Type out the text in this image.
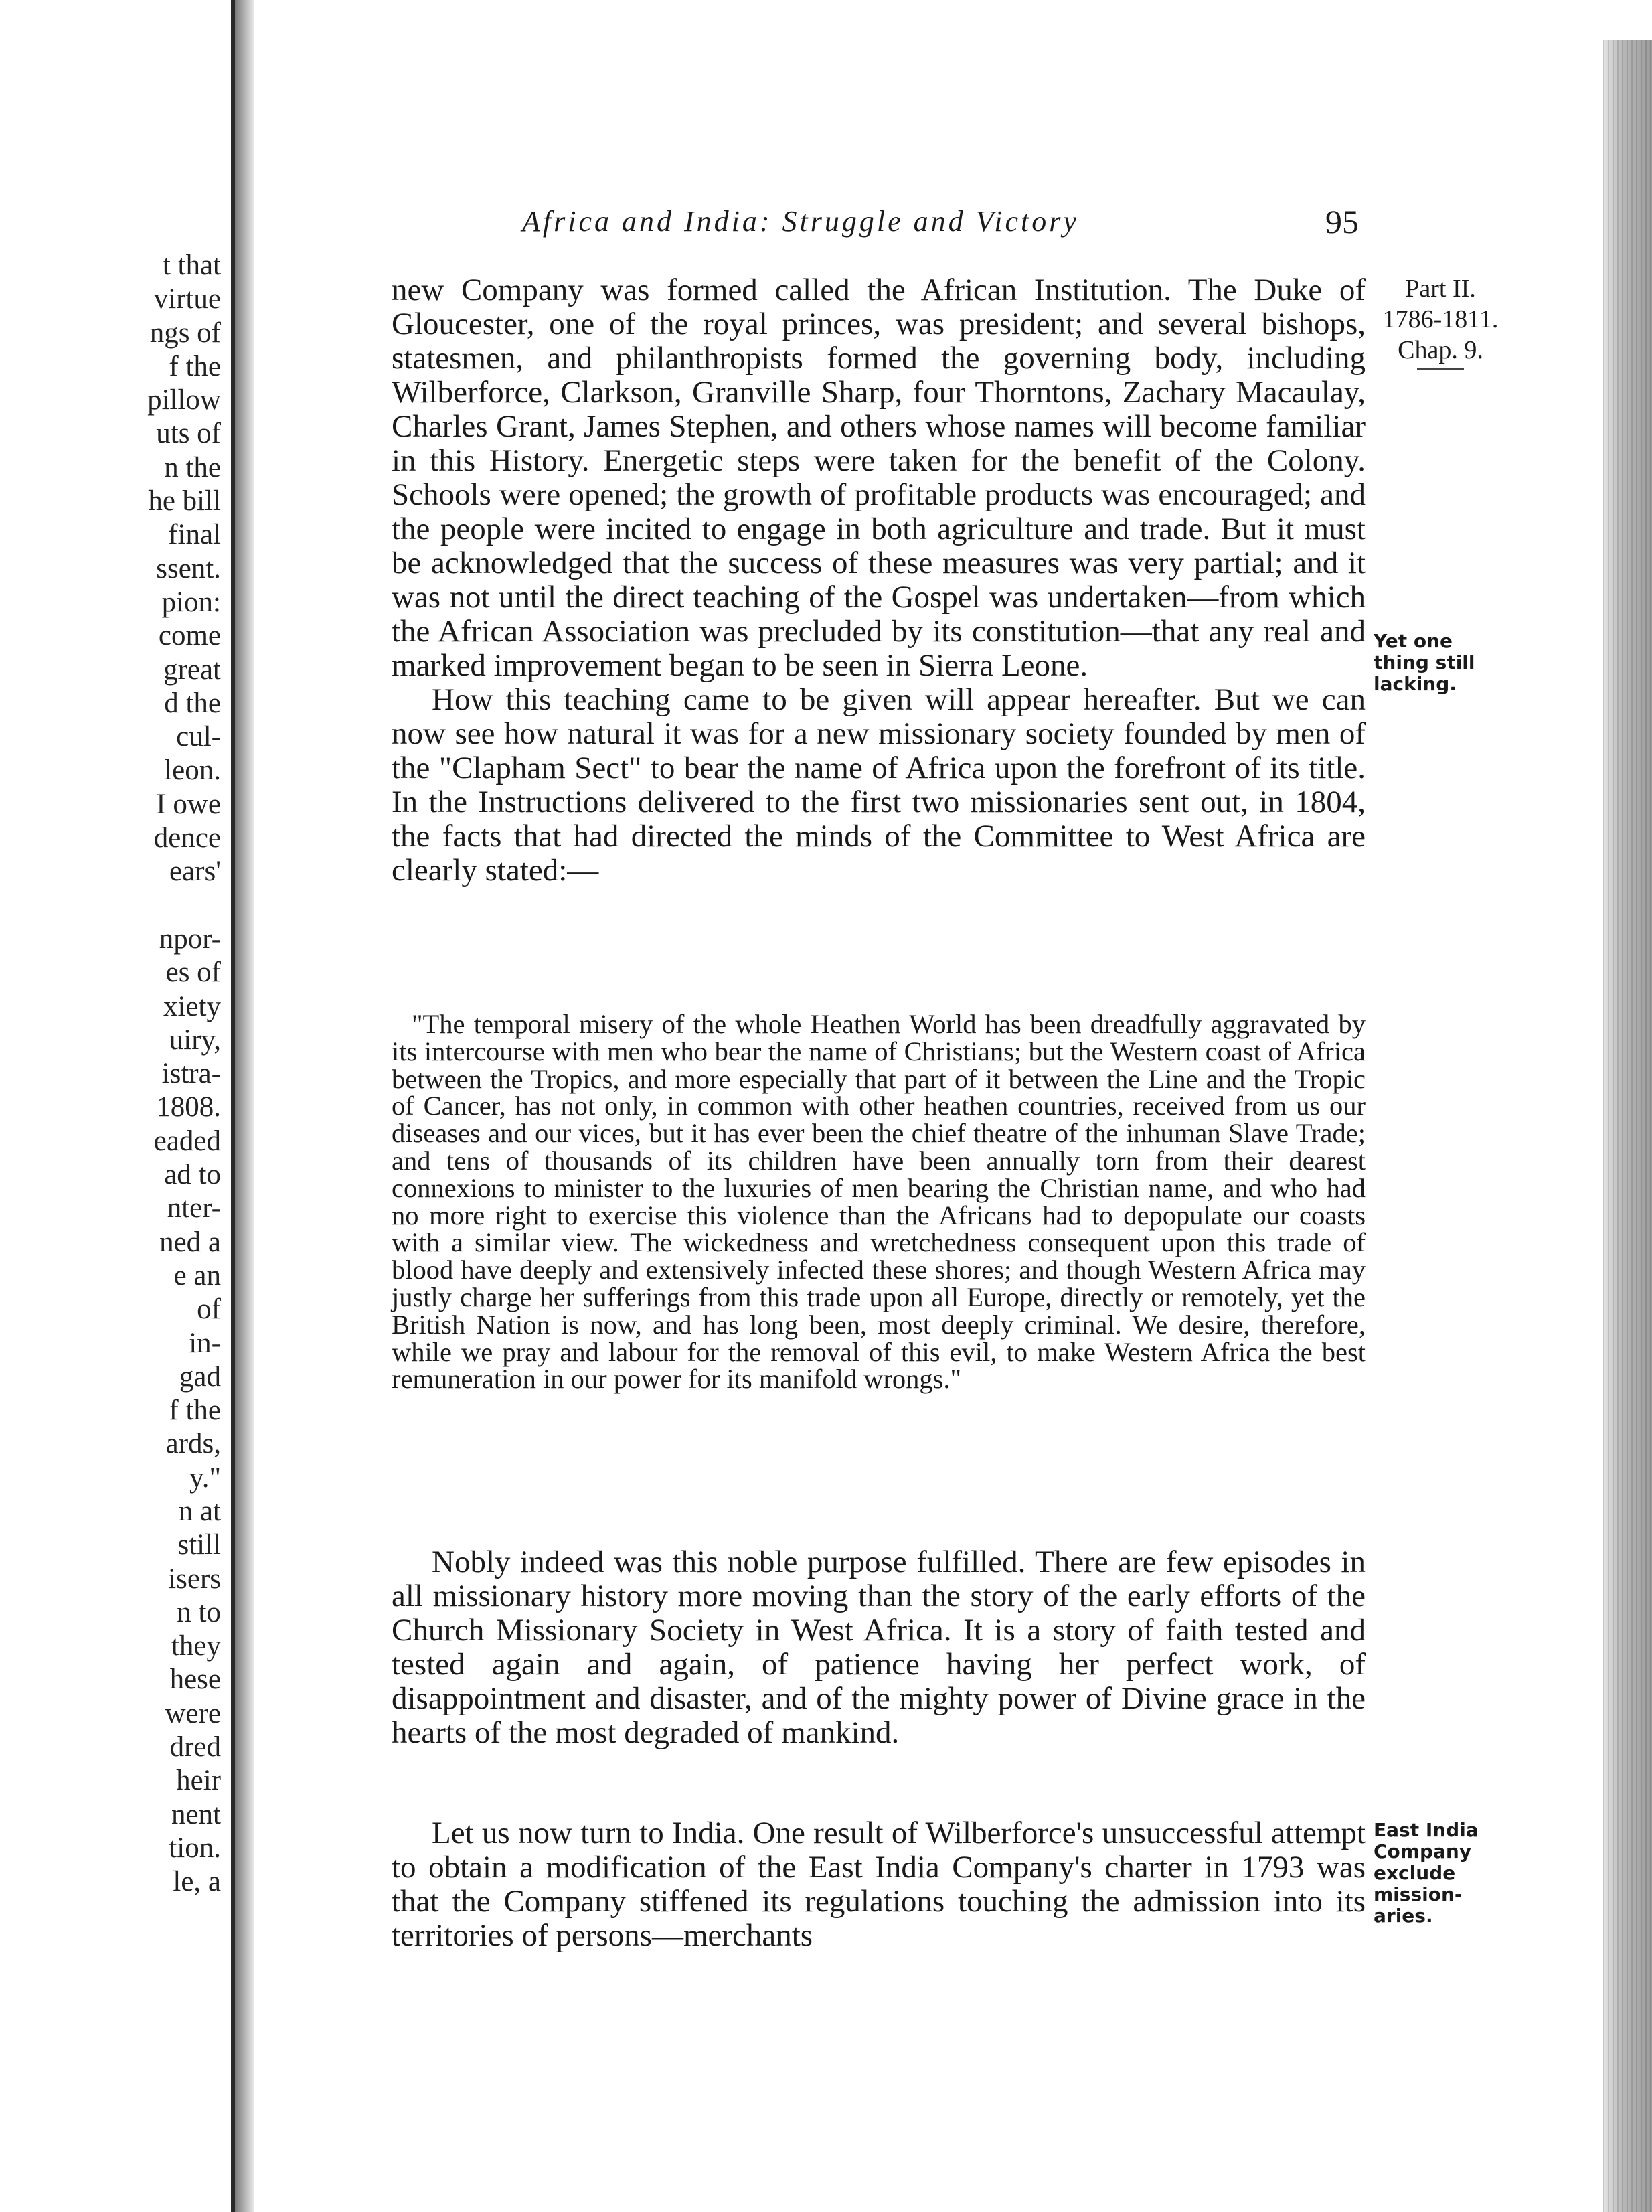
t that
virtue
ngs of
f the
pillow
uts of
n the
he bill
final
ssent.
pion:
come
great
d the
cul-
leon.
I owe
dence
ears'

npor-
es of
xiety
uiry,
istra-
1808.
eaded
ad to
nter-
ned a
e an
of
in-
gad
f the
ards,
y."
n at
still
isers
n to
they
hese
were
dred
heir
nent
tion.
le, a
Africa and India: Struggle and Victory	95
Part II.
1786-1811.
Chap. 9.
Yet one thing still lacking.
East India Company exclude mission-aries.

new Company was formed called the African Institution. The Duke of Gloucester, one of the royal princes, was president; and several bishops, statesmen, and philanthropists formed the governing body, including Wilberforce, Clarkson, Granville Sharp, four Thorntons, Zachary Macaulay, Charles Grant, James Stephen, and others whose names will become familiar in this History. Energetic steps were taken for the benefit of the Colony. Schools were opened; the growth of profitable products was encouraged; and the people were incited to engage in both agriculture and trade. But it must be acknowledged that the success of these measures was very partial; and it was not until the direct teaching of the Gospel was undertaken—from which the African Association was precluded by its constitution—that any real and marked improvement began to be seen in Sierra Leone.

How this teaching came to be given will appear hereafter. But we can now see how natural it was for a new missionary society founded by men of the "Clapham Sect" to bear the name of Africa upon the forefront of its title. In the Instructions delivered to the first two missionaries sent out, in 1804, the facts that had directed the minds of the Committee to West Africa are clearly stated:—

"The temporal misery of the whole Heathen World has been dreadfully aggravated by its intercourse with men who bear the name of Christians; but the Western coast of Africa between the Tropics, and more especially that part of it between the Line and the Tropic of Cancer, has not only, in common with other heathen countries, received from us our diseases and our vices, but it has ever been the chief theatre of the inhuman Slave Trade; and tens of thousands of its children have been annually torn from their dearest connexions to minister to the luxuries of men bearing the Christian name, and who had no more right to exercise this violence than the Africans had to depopulate our coasts with a similar view. The wickedness and wretchedness consequent upon this trade of blood have deeply and extensively infected these shores; and though Western Africa may justly charge her sufferings from this trade upon all Europe, directly or remotely, yet the British Nation is now, and has long been, most deeply criminal. We desire, therefore, while we pray and labour for the removal of this evil, to make Western Africa the best remuneration in our power for its manifold wrongs."

Nobly indeed was this noble purpose fulfilled. There are few episodes in all missionary history more moving than the story of the early efforts of the Church Missionary Society in West Africa. It is a story of faith tested and tested again and again, of patience having her perfect work, of disappointment and disaster, and of the mighty power of Divine grace in the hearts of the most degraded of mankind.

Let us now turn to India. One result of Wilberforce's unsuccessful attempt to obtain a modification of the East India Company's charter in 1793 was that the Company stiffened its regulations touching the admission into its territories of persons—merchants
